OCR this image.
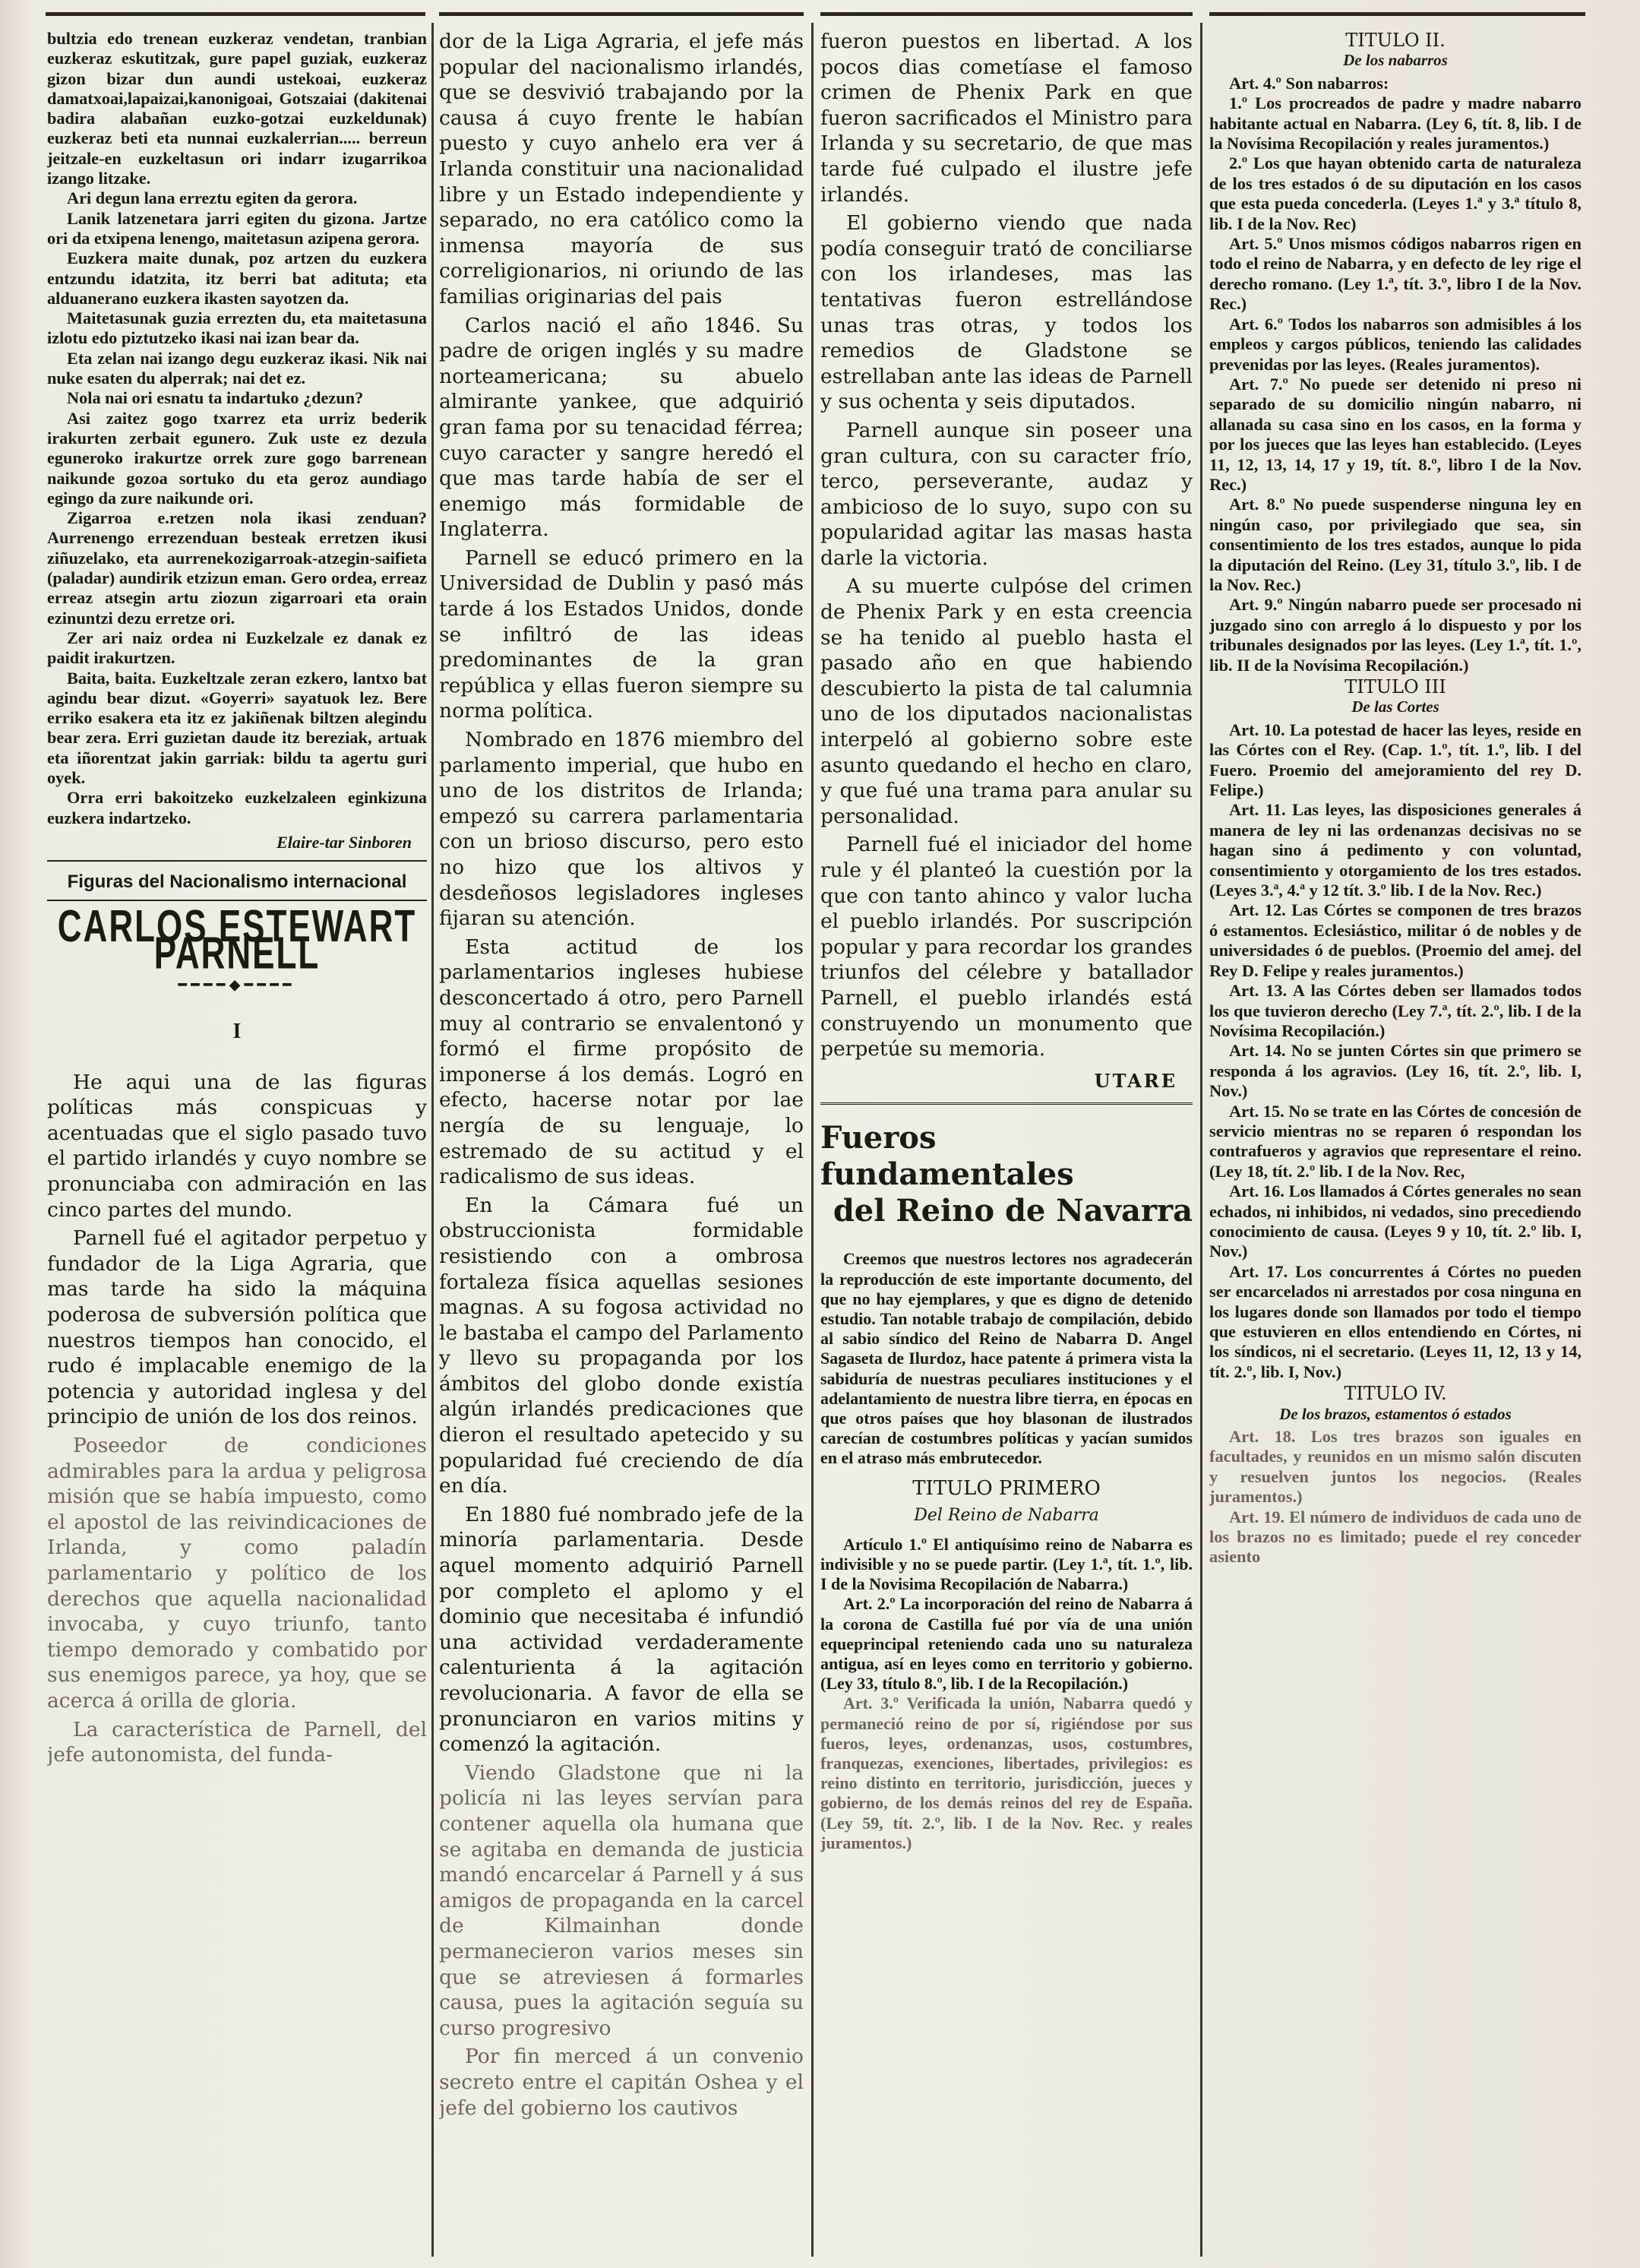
bultzia edo trenean euzkeraz vendetan, tranbian euzkeraz eskutitzak, gure papel guziak, euzkeraz gizon bizar dun aundi ustekoai, euzkeraz damatxoai,lapaizai,kanonigoai, Gotszaiai (dakitenai badira alabañan euzko-gotzai euzkeldunak) euzkeraz beti eta nunnai euzkalerrian..... berreun jeitzale-en euzkeltasun ori indarr izugarrikoa izango litzake.

Ari degun lana erreztu egiten da gerora.

Lanik latzenetara jarri egiten du gizona. Jartze ori da etxipena lenengo, maitetasun azipena gerora.

Euzkera maite dunak, poz artzen du euzkera entzundu idatzita, itz berri bat adituta; eta alduanerano euzkera ikasten sayotzen da.

Maitetasunak guzia errezten du, eta maitetasuna izlotu edo piztutzeko ikasi nai izan bear da.

Eta zelan nai izango degu euzkeraz ikasi. Nik nai nuke esaten du alperrak; nai det ez.

Nola nai ori esnatu ta indartuko ¿dezun?

Asi zaitez gogo txarrez eta urriz bederik irakurten zerbait egunero. Zuk uste ez dezula eguneroko irakurtze orrek zure gogo barrenean naikunde gozoa sortuko du eta geroz aundiago egingo da zure naikunde ori.

Zigarroa e.retzen nola ikasi zenduan? Aurrenengo errezenduan besteak erretzen ikusi ziñuzelako, eta aurrenekozigarroak-atzegin-saifieta (paladar) aundirik etzizun eman. Gero ordea, erreaz erreaz atsegin artu ziozun zigarroari eta orain ezinuntzi dezu erretze ori.

Zer ari naiz ordea ni Euzkelzale ez danak ez paidit irakurtzen.

Baita, baita. Euzkeltzale zeran ezkero, lantxo bat agindu bear dizut. «Goyerri» sayatuok lez. Bere erriko esakera eta itz ez jakiñenak biltzen alegindu bear zera. Erri guzietan daude itz bereziak, artuak eta iñorentzat jakin garriak: bildu ta agertu guri oyek.

Orra erri bakoitzeko euzkelzaleen eginkizuna euzkera indartzeko.

Elaire-tar Sinboren
Figuras del Nacionalismo internacional
CARLOS ESTEWART PARNELL
━━━━◆━━━━
I

He aqui una de las figuras políticas más conspicuas y acentuadas que el siglo pasado tuvo el partido irlandés y cuyo nombre se pronunciaba con admiración en las cinco partes del mundo.

Parnell fué el agitador perpetuo y fundador de la Liga Agraria, que mas tarde ha sido la máquina poderosa de subversión política que nuestros tiempos han conocido, el rudo é implacable enemigo de la potencia y autoridad inglesa y del principio de unión de los dos reinos.

Poseedor de condiciones admirables para la ardua y peligrosa misión que se había impuesto, como el apostol de las reivindicaciones de Irlanda, y como paladín parlamentario y político de los derechos que aquella nacionalidad invocaba, y cuyo triunfo, tanto tiempo demorado y combatido por sus enemigos parece, ya hoy, que se acerca á orilla de gloria.

La característica de Parnell, del jefe autonomista, del funda-

dor de la Liga Agraria, el jefe más popular del nacionalismo irlandés, que se desvivió trabajando por la causa á cuyo frente le habían puesto y cuyo anhelo era ver á Irlanda constituir una nacionalidad libre y un Estado independiente y separado, no era católico como la inmensa mayoría de sus correligionarios, ni oriundo de las familias originarias del pais

Carlos nació el año 1846. Su padre de origen inglés y su madre norteamericana; su abuelo almirante yankee, que adquirió gran fama por su tenacidad férrea; cuyo caracter y sangre heredó el que mas tarde había de ser el enemigo más formidable de Inglaterra.

Parnell se educó primero en la Universidad de Dublin y pasó más tarde á los Estados Unidos, donde se infiltró de las ideas predominantes de la gran república y ellas fueron siempre su norma política.

Nombrado en 1876 miembro del parlamento imperial, que hubo en uno de los distritos de Irlanda; empezó su carrera parlamentaria con un brioso discurso, pero esto no hizo que los altivos y desdeñosos legisladores ingleses fijaran su atención.

Esta actitud de los parlamentarios ingleses hubiese desconcertado á otro, pero Parnell muy al contrario se envalentonó y formó el firme propósito de imponerse á los demás. Logró en efecto, hacerse notar por lae nergía de su lenguaje, lo estremado de su actitud y el radicalismo de sus ideas.

En la Cámara fué un obstruccionista formidable resistiendo con a ombrosa fortaleza física aquellas sesiones magnas. A su fogosa actividad no le bastaba el campo del Parlamento y llevo su propaganda por los ámbitos del globo donde existía algún irlandés predicaciones que dieron el resultado apetecido y su popularidad fué creciendo de día en día.

En 1880 fué nombrado jefe de la minoría parlamentaria. Desde aquel momento adquirió Parnell por completo el aplomo y el dominio que necesitaba é infundió una actividad verdaderamente calenturienta á la agitación revolucionaria. A favor de ella se pronunciaron en varios mitins y comenzó la agitación.

Viendo Gladstone que ni la policía ni las leyes servían para contener aquella ola humana que se agitaba en demanda de justicia mandó encarcelar á Parnell y á sus amigos de propaganda en la carcel de Kilmainhan donde permanecieron varios meses sin que se atreviesen á formarles causa, pues la agitación seguía su curso progresivo

Por fin merced á un convenio secreto entre el capitán Oshea y el jefe del gobierno los cautivos

fueron puestos en libertad. A los pocos dias cometíase el famoso crimen de Phenix Park en que fueron sacrificados el Ministro para Irlanda y su secretario, de que mas tarde fué culpado el ilustre jefe irlandés.

El gobierno viendo que nada podía conseguir trató de conciliarse con los irlandeses, mas las tentativas fueron estrellándose unas tras otras, y todos los remedios de Gladstone se estrellaban ante las ideas de Parnell y sus ochenta y seis diputados.

Parnell aunque sin poseer una gran cultura, con su caracter frío, terco, perseverante, audaz y ambicioso de lo suyo, supo con su popularidad agitar las masas hasta darle la victoria.

A su muerte culpóse del crimen de Phenix Park y en esta creencia se ha tenido al pueblo hasta el pasado año en que habiendo descubierto la pista de tal calumnia uno de los diputados nacionalistas interpeló al gobierno sobre este asunto quedando el hecho en claro, y que fué una trama para anular su personalidad.

Parnell fué el iniciador del home rule y él planteó la cuestión por la que con tanto ahinco y valor lucha el pueblo irlandés. Por suscripción popular y para recordar los grandes triunfos del célebre y batallador Parnell, el pueblo irlandés está construyendo un monumento que perpetúe su memoria.

UTARE
Fueros fundamentales
del Reino de Navarra

Creemos que nuestros lectores nos agradecerán la reproducción de este importante documento, del que no hay ejemplares, y que es digno de detenido estudio. Tan notable trabajo de compilación, debido al sabio síndico del Reino de Nabarra D. Angel Sagaseta de Ilurdoz, hace patente á primera vista la sabiduría de nuestras peculiares instituciones y el adelantamiento de nuestra libre tierra, en épocas en que otros países que hoy blasonan de ilustrados carecían de costumbres políticas y yacían sumidos en el atraso más embrutecedor.

TITULO PRIMERO
Del Reino de Nabarra

Artículo 1.º El antiquísimo reino de Nabarra es indivisible y no se puede partir. (Ley 1.ª, tít. 1.º, lib. I de la Novisima Recopilación de Nabarra.)

Art. 2.º La incorporación del reino de Nabarra á la corona de Castilla fué por vía de una unión equeprincipal reteniendo cada uno su naturaleza antigua, así en leyes como en territorio y gobierno. (Ley 33, título 8.º, lib. I de la Recopilación.)

Art. 3.º Verificada la unión, Nabarra quedó y permaneció reino de por sí, rigiéndose por sus fueros, leyes, ordenanzas, usos, costumbres, franquezas, exenciones, libertades, privilegios: es reino distinto en territorio, jurisdicción, jueces y gobierno, de los demás reinos del rey de España. (Ley 59, tít. 2.º, lib. I de la Nov. Rec. y reales juramentos.)

TITULO II.
De los nabarros

Art. 4.º Son nabarros:

1.º Los procreados de padre y madre nabarro habitante actual en Nabarra. (Ley 6, tít. 8, lib. I de la Novísima Recopilación y reales juramentos.)

2.º Los que hayan obtenido carta de naturaleza de los tres estados ó de su diputación en los casos que esta pueda concederla. (Leyes 1.ª y 3.ª título 8, lib. I de la Nov. Rec)

Art. 5.º Unos mismos códigos nabarros rigen en todo el reino de Nabarra, y en defecto de ley rige el derecho romano. (Ley 1.ª, tít. 3.º, libro I de la Nov. Rec.)

Art. 6.º Todos los nabarros son admisibles á los empleos y cargos públicos, teniendo las calidades prevenidas por las leyes. (Reales juramentos).

Art. 7.º No puede ser detenido ni preso ni separado de su domicilio ningún nabarro, ni allanada su casa sino en los casos, en la forma y por los jueces que las leyes han establecido. (Leyes 11, 12, 13, 14, 17 y 19, tít. 8.º, libro I de la Nov. Rec.)

Art. 8.º No puede suspenderse ninguna ley en ningún caso, por privilegiado que sea, sin consentimiento de los tres estados, aunque lo pida la diputación del Reino. (Ley 31, título 3.º, lib. I de la Nov. Rec.)

Art. 9.º Ningún nabarro puede ser procesado ni juzgado sino con arreglo á lo dispuesto y por los tribunales designados por las leyes. (Ley 1.ª, tít. 1.º, lib. II de la Novísima Recopilación.)

TITULO III
De las Cortes

Art. 10. La potestad de hacer las leyes, reside en las Córtes con el Rey. (Cap. 1.º, tít. 1.º, lib. I del Fuero. Proemio del amejoramiento del rey D. Felipe.)

Art. 11. Las leyes, las disposiciones generales á manera de ley ni las ordenanzas decisivas no se hagan sino á pedimento y con voluntad, consentimiento y otorgamiento de los tres estados. (Leyes 3.ª, 4.ª y 12 tít. 3.º lib. I de la Nov. Rec.)

Art. 12. Las Córtes se componen de tres brazos ó estamentos. Eclesiástico, militar ó de nobles y de universidades ó de pueblos. (Proemio del amej. del Rey D. Felipe y reales juramentos.)

Art. 13. A las Córtes deben ser llamados todos los que tuvieron derecho (Ley 7.ª, tít. 2.º, lib. I de la Novísima Recopilación.)

Art. 14. No se junten Córtes sin que primero se responda á los agravios. (Ley 16, tít. 2.º, lib. I, Nov.)

Art. 15. No se trate en las Córtes de concesión de servicio mientras no se reparen ó respondan los contrafueros y agravios que representare el reino. (Ley 18, tít. 2.º lib. I de la Nov. Rec,

Art. 16. Los llamados á Córtes generales no sean echados, ni inhibidos, ni vedados, sino precediendo conocimiento de causa. (Leyes 9 y 10, tít. 2.º lib. I, Nov.)

Art. 17. Los concurrentes á Córtes no pueden ser encarcelados ni arrestados por cosa ninguna en los lugares donde son llamados por todo el tiempo que estuvieren en ellos entendiendo en Córtes, ni los síndicos, ni el secretario. (Leyes 11, 12, 13 y 14, tít. 2.º, lib. I, Nov.)

TITULO IV.
De los brazos, estamentos ó estados

Art. 18. Los tres brazos son iguales en facultades, y reunidos en un mismo salón discuten y resuelven juntos los negocios. (Reales juramentos.)

Art. 19. El número de individuos de cada uno de los brazos no es limitado; puede el rey conceder asiento
